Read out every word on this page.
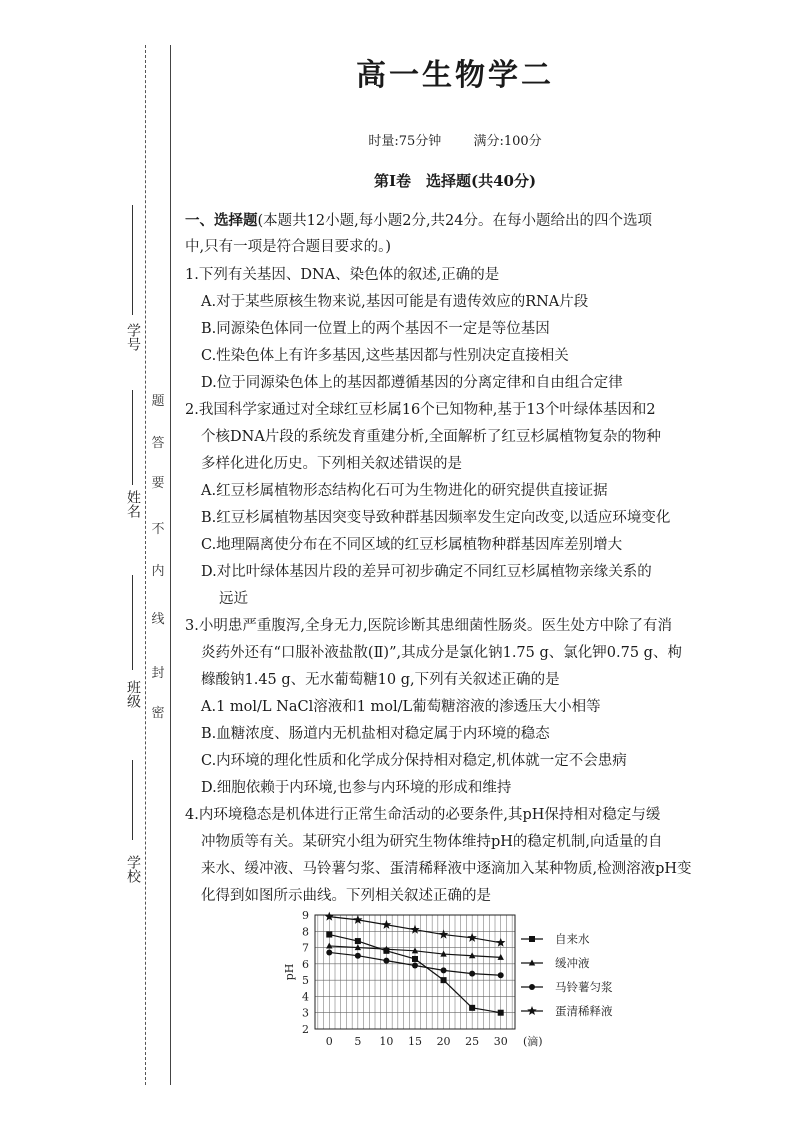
学号
姓名
班级
学校
密
封
线
内
不
要
答
题
高一生物学二
时量:75分钟 满分:100分
第Ⅰ卷　选择题(共40分)
一、选择题(本题共12小题,每小题2分,共24分。在每小题给出的四个选项
中,只有一项是符合题目要求的。)
1.下列有关基因、DNA、染色体的叙述,正确的是
A.对于某些原核生物来说,基因可能是有遗传效应的RNA片段
B.同源染色体同一位置上的两个基因不一定是等位基因
C.性染色体上有许多基因,这些基因都与性别决定直接相关
D.位于同源染色体上的基因都遵循基因的分离定律和自由组合定律
2.我国科学家通过对全球红豆杉属16个已知物种,基于13个叶绿体基因和2
个核DNA片段的系统发育重建分析,全面解析了红豆杉属植物复杂的物种
多样化进化历史。下列相关叙述错误的是
A.红豆杉属植物形态结构化石可为生物进化的研究提供直接证据
B.红豆杉属植物基因突变导致种群基因频率发生定向改变,以适应环境变化
C.地理隔离使分布在不同区域的红豆杉属植物种群基因库差别增大
D.对比叶绿体基因片段的差异可初步确定不同红豆杉属植物亲缘关系的
远近
3.小明患严重腹泻,全身无力,医院诊断其患细菌性肠炎。医生处方中除了有消
炎药外还有“口服补液盐散(Ⅱ)”,其成分是氯化钠1.75 g、氯化钾0.75 g、枸
橼酸钠1.45 g、无水葡萄糖10 g,下列有关叙述正确的是
A.1 mol/L NaCl溶液和1 mol/L葡萄糖溶液的渗透压大小相等
B.血糖浓度、肠道内无机盐相对稳定属于内环境的稳态
C.内环境的理化性质和化学成分保持相对稳定,机体就一定不会患病
D.细胞依赖于内环境,也参与内环境的形成和维持
4.内环境稳态是机体进行正常生命活动的必要条件,其pH保持相对稳定与缓
冲物质等有关。某研究小组为研究生物体维持pH的稳定机制,向适量的自
来水、缓冲液、马铃薯匀浆、蛋清稀释液中逐滴加入某种物质,检测溶液pH变
化得到如图所示曲线。下列相关叙述正确的是
2
3
4
5
6
7
8
9
0 5 10 15 20 25 30 (滴)
pH
自来水
缓冲液
马铃薯匀浆
蛋清稀释液
